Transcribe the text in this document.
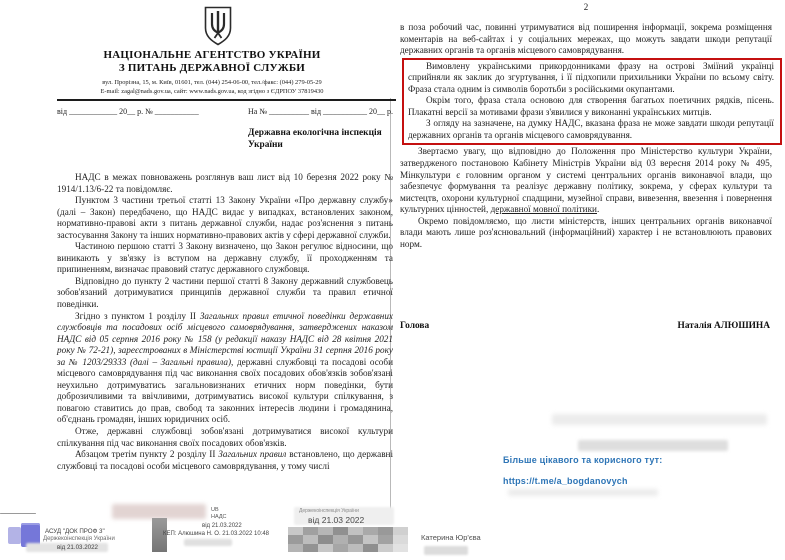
НАЦІОНАЛЬНЕ АГЕНТСТВО УКРАЇНИ
З ПИТАНЬ ДЕРЖАВНОЇ СЛУЖБИ
вул. Прорізна, 15, м. Київ, 01601, тел. (044) 254-06-00, тел./факс: (044) 279-05-29
E-mail: zagal@nads.gov.ua, сайт: www.nads.gov.ua, код згідно з ЄДРПОУ 37819430
від ____________ 20__ р. № ___________	На № __________ від ___________ 20__ р.
Державна екологічна інспекція
України

НАДС в межах повноважень розглянув ваш лист від 10 березня 2022 року № 1914/1.13/6-22 та повідомляє.

Пунктом 3 частини третьої статті 13 Закону України «Про державну службу» (далі – Закон) передбачено, що НАДС видає у випадках, встановлених законом, нормативно-правові акти з питань державної служби, надає роз'яснення з питань застосування Закону та інших нормативно-правових актів у сфері державної служби.

Частиною першою статті 3 Закону визначено, що Закон регулює відносини, що виникають у зв'язку із вступом на державну службу, її проходженням та припиненням, визначає правовий статус державного службовця.

Відповідно до пункту 2 частини першої статті 8 Закону державний службовець зобов'язаний дотримуватися принципів державної служби та правил етичної поведінки.

Згідно з пунктом 1 розділу ІІ Загальних правил етичної поведінки державних службовців та посадових осіб місцевого самоврядування, затверджених наказом НАДС від 05 серпня 2016 року № 158 (у редакції наказу НАДС від 28 квітня 2021 року № 72-21), зареєстрованих в Міністерстві юстиції України 31 серпня 2016 року за № 1203/29333 (далі – Загальні правила), державні службовці та посадові особи місцевого самоврядування під час виконання своїх посадових обов'язків зобов'язані неухильно дотримуватись загальновизнаних етичних норм поведінки, бути доброзичливими та ввічливими, дотримуватись високої культури спілкування, з повагою ставитись до прав, свобод та законних інтересів людини і громадянина, об'єднань громадян, інших юридичних осіб.

Отже, державні службовці зобов'язані дотримуватися високої культури спілкування під час виконання своїх посадових обов'язків.

Абзацом третім пункту 2 розділу ІІ Загальних правил встановлено, що державні службовці та посадові особи місцевого самоврядування, у тому числі

2

в поза робочий час, повинні утримуватися від поширення інформації, зокрема розміщення коментарів на веб-сайтах і у соціальних мережах, що можуть завдати шкоди репутації державних органів та органів місцевого самоврядування.

Вимовлену українськими прикордонниками фразу на острові Зміїний українці сприйняли як заклик до згуртування, і її підхопили прихильники України по всьому світу. Фраза стала одним із символів боротьби з російськими окупантами.

Окрім того, фраза стала основою для створення багатьох поетичних рядків, пісень. Плакатні версії за мотивами фрази з'явилися у виконанні українських митців.

З огляду на зазначене, на думку НАДС, вказана фраза не може завдати шкоди репутації державних органів та органів місцевого самоврядування.

Звертаємо увагу, що відповідно до Положення про Міністерство культури України, затвердженого постановою Кабінету Міністрів України від 03 вересня 2014 року № 495, Мінкультури є головним органом у системі центральних органів виконавчої влади, що забезпечує формування та реалізує державну політику, зокрема, у сферах культури та мистецтв, охорони культурної спадщини, музейної справи, вивезення, ввезення і повернення культурних цінностей, державної мовної політики.

Окремо повідомляємо, що листи міністерств, інших центральних органів виконавчої влади мають лише роз'яснювальний (інформаційний) характер і не встановлюють правових норм.

Голова	Наталія АЛЮШИНА
Більше цікавого та корисного тут:
https://t.me/a_bogdanovych
Катерина Юр'єва
АСУД "ДОК ПРОФ 3"
Держекоінспекція України
від 21.03.2022
UB
НАДС
від 21.03.2022
КЕП: Алюшина Н. О. 21.03.2022 10:48
Держекоінспекція України
від 21.03 2022
